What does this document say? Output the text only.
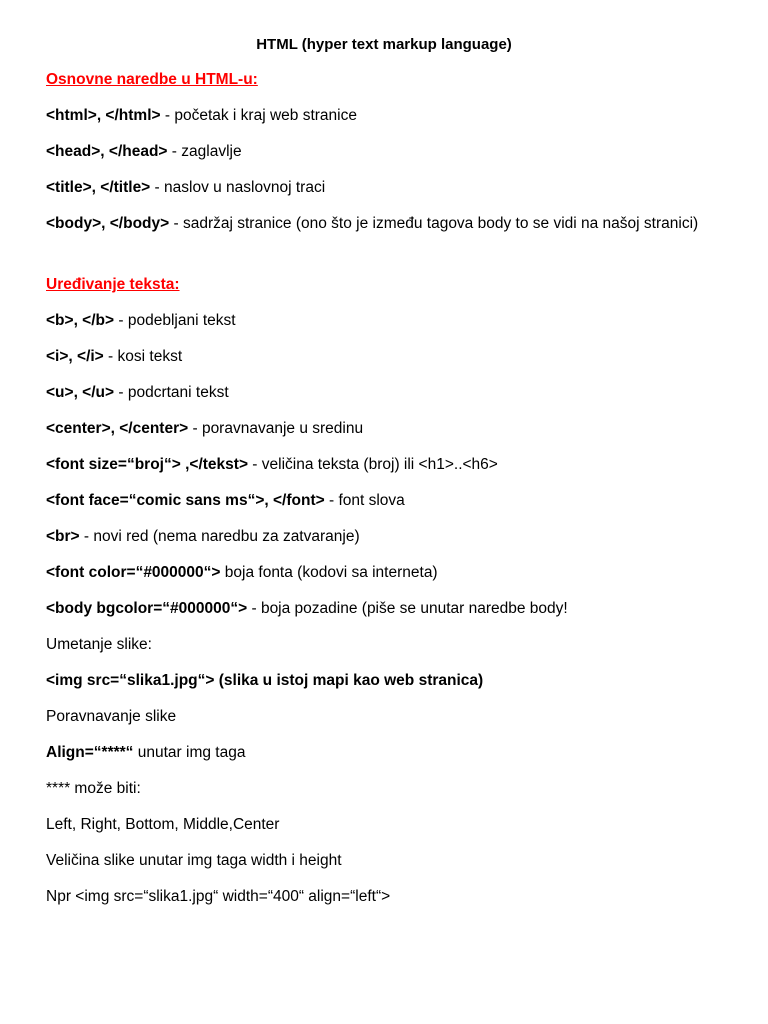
HTML (hyper text markup language)
Osnovne naredbe u HTML-u:
<html>, </html> - početak i kraj web stranice
<head>, </head> - zaglavlje
<title>, </title> - naslov u naslovnoj traci
<body>, </body> - sadržaj stranice (ono što je između tagova body to se vidi na našoj stranici)
Uređivanje teksta:
<b>, </b> - podebljani tekst
<i>, </i> - kosi tekst
<u>, </u> - podcrtani tekst
<center>, </center> - poravnavanje u sredinu
<font size=“broj“> ,</tekst> - veličina teksta (broj) ili <h1>..<h6>
<font face=“comic sans ms“>, </font> - font slova
<br> - novi red (nema naredbu za zatvaranje)
<font color=“#000000“> boja fonta (kodovi sa interneta)
<body bgcolor=“#000000“> - boja pozadine (piše se unutar naredbe body!
Umetanje slike:
<img src=“slika1.jpg“> (slika u istoj mapi kao web stranica)
Poravnavanje slike
Align=“****“ unutar img taga
**** može biti:
Left, Right, Bottom, Middle,Center
Veličina slike unutar img taga width i height
Npr <img src=“slika1.jpg“ width=“400“ align=“left“>
